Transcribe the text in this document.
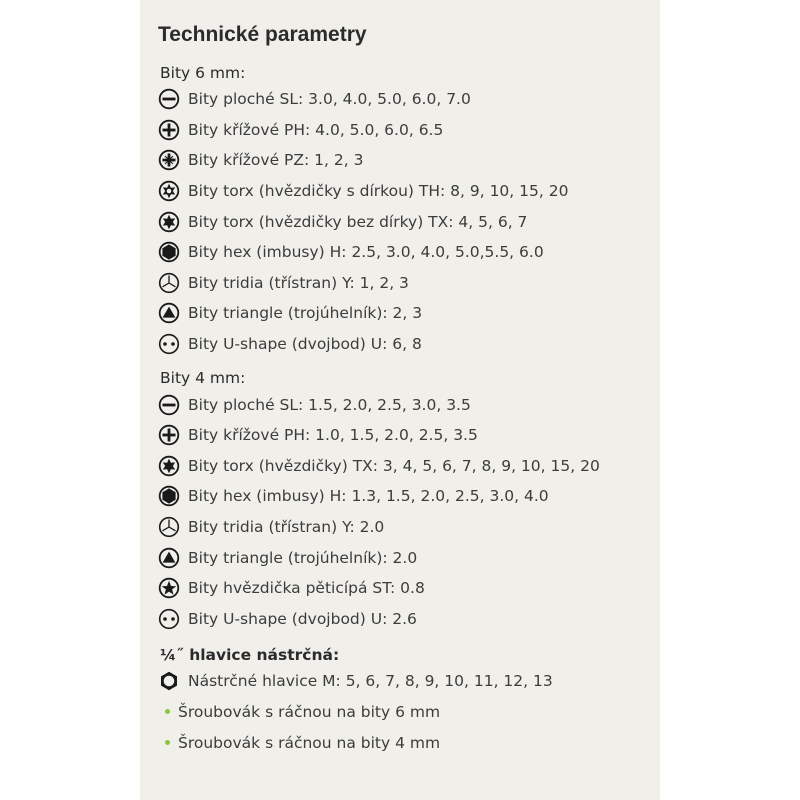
Technické parametry
Bity 6 mm:
Bity ploché SL: 3.0, 4.0, 5.0, 6.0, 7.0
Bity křížové PH: 4.0, 5.0, 6.0, 6.5
Bity křížové PZ: 1, 2, 3
Bity torx (hvězdičky s dírkou) TH: 8, 9, 10, 15, 20
Bity torx (hvězdičky bez dírky) TX: 4, 5, 6, 7
Bity hex (imbusy) H: 2.5, 3.0, 4.0, 5.0,5.5, 6.0
Bity tridia (třístran) Y: 1, 2, 3
Bity triangle (trojúhelník): 2, 3
Bity U-shape (dvojbod) U: 6, 8
Bity 4 mm:
Bity ploché SL: 1.5, 2.0, 2.5, 3.0, 3.5
Bity křížové PH: 1.0, 1.5, 2.0, 2.5, 3.5
Bity torx (hvězdičky) TX: 3, 4, 5, 6, 7, 8, 9, 10, 15, 20
Bity hex (imbusy) H: 1.3, 1.5, 2.0, 2.5, 3.0, 4.0
Bity tridia (třístran) Y: 2.0
Bity triangle (trojúhelník): 2.0
Bity hvězdička pěticípá ST: 0.8
Bity U-shape (dvojbod) U: 2.6
¼˝ hlavice nástrčná:
Nástrčné hlavice M: 5, 6, 7, 8, 9, 10, 11, 12, 13
Šroubovák s ráčnou na bity 6 mm
Šroubovák s ráčnou na bity 4 mm
